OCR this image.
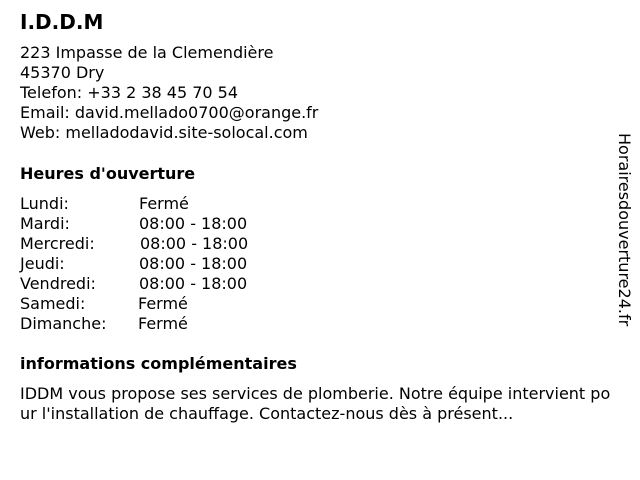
I.D.D.M
223 Impasse de la Clemendière
45370 Dry
Telefon: +33 2 38 45 70 54
Email: david.mellado0700@orange.fr
Web: melladodavid.site-solocal.com
Heures d'ouverture
Lundi:	Fermé
Mardi:	08:00 - 18:00
Mercredi:	08:00 - 18:00
Jeudi:	08:00 - 18:00
Vendredi:	08:00 - 18:00
Samedi:	Fermé
Dimanche: Fermé
informations complémentaires
IDDM vous propose ses services de plomberie. Notre équipe intervient pour l'installation de chauffage. Contactez-nous dès à présent...
Horairesdouverture24.fr
